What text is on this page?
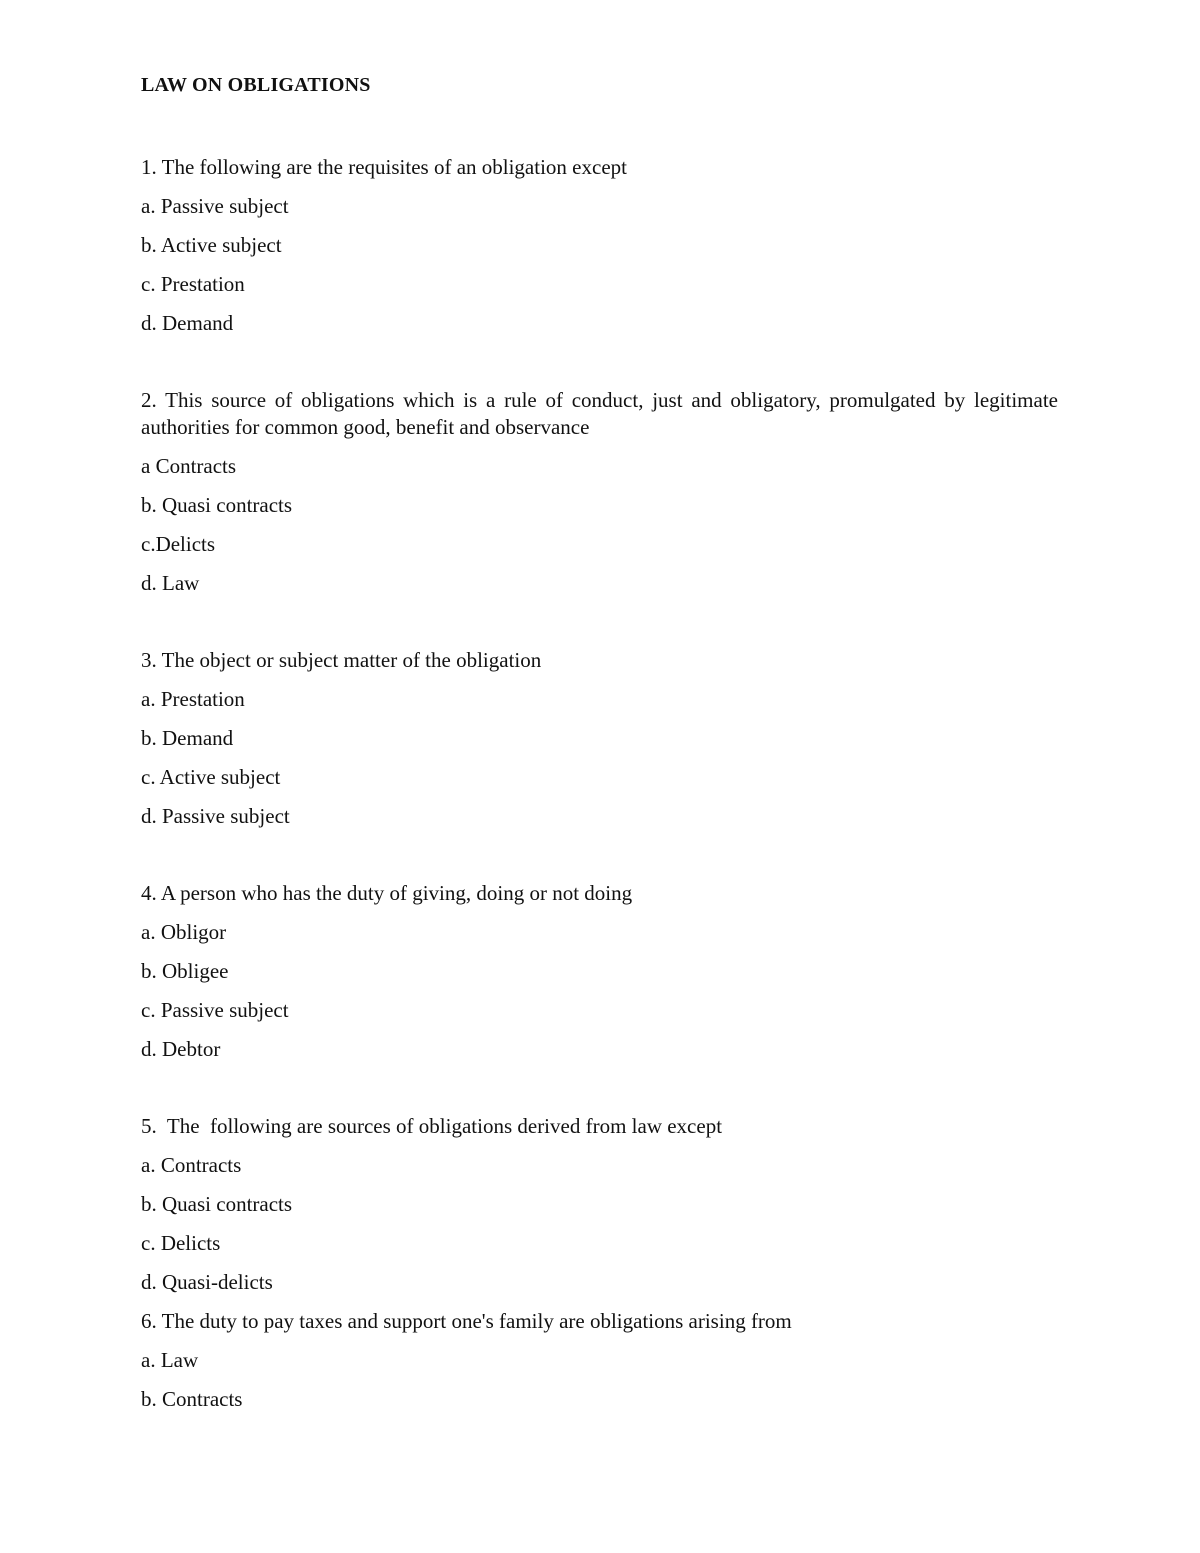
LAW ON OBLIGATIONS

1. The following are the requisites of an obligation except

a. Passive subject

b. Active subject

c. Prestation

d. Demand

2. This source of obligations which is a rule of conduct, just and obligatory, promulgated by legitimate authorities for common good, benefit and observance

a Contracts

b. Quasi contracts

c.Delicts

d. Law

3. The object or subject matter of the obligation

a. Prestation

b. Demand

c. Active subject

d. Passive subject

4. A person who has the duty of giving, doing or not doing

a. Obligor

b. Obligee

c. Passive subject

d. Debtor

5.  The  following are sources of obligations derived from law except

a. Contracts

b. Quasi contracts

c. Delicts

d. Quasi-delicts

6. The duty to pay taxes and support one's family are obligations arising from

a. Law

b. Contracts
